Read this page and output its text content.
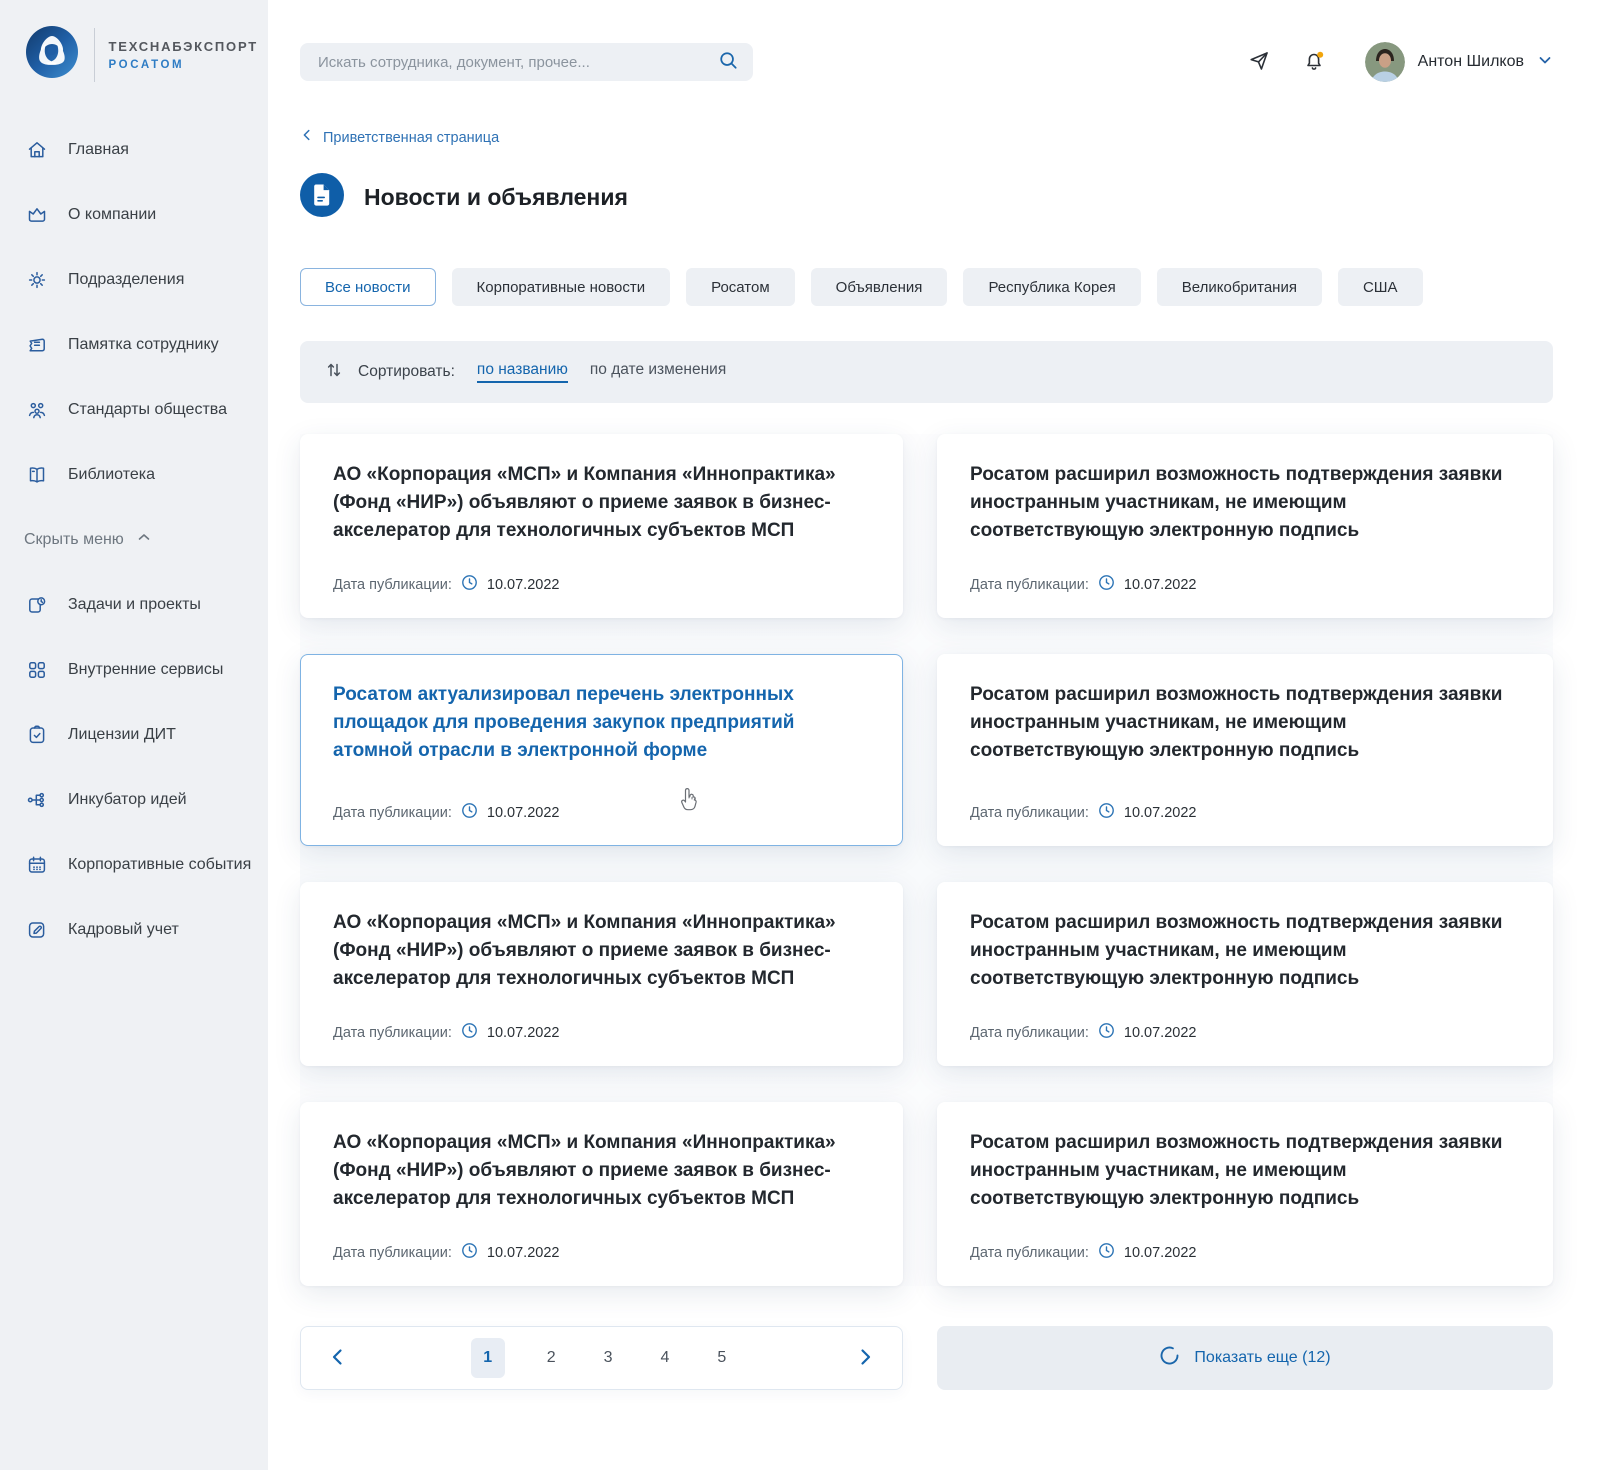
ТЕХСНАБЭКСПОРТ
РОСАТОМ
Главная
О компании
Подразделения
Памятка сотруднику
Стандарты общества
Библиотека
Скрыть меню
Задачи и проекты
Внутренние сервисы
Лицензии ДИТ
Инкубатор идей
Корпоративные события
Кадровый учет
Искать сотрудника, документ, прочее...
Антон Шилков
Приветственная страница
Новости и объявления
Все новости	Корпоративные новости	Росатом	Объявления	Республика Корея	Великобритания	США
Сортировать: по названию по дате изменения
АО «Корпорация «МСП» и Компания «Иннопрактика» (Фонд «НИР») объявляют о приеме заявок в бизнес-акселератор для технологичных субъектов МСП
Дата публикации: 10.07.2022
Росатом расширил возможность подтверждения заявки иностранным участникам, не имеющим соответствующую электронную подпись
Дата публикации: 10.07.2022
Росатом актуализировал перечень электронных площадок для проведения закупок предприятий атомной отрасли в электронной форме
Дата публикации: 10.07.2022
Росатом расширил возможность подтверждения заявки иностранным участникам, не имеющим соответствующую электронную подпись
Дата публикации: 10.07.2022
АО «Корпорация «МСП» и Компания «Иннопрактика» (Фонд «НИР») объявляют о приеме заявок в бизнес-акселератор для технологичных субъектов МСП
Дата публикации: 10.07.2022
Росатом расширил возможность подтверждения заявки иностранным участникам, не имеющим соответствующую электронную подпись
Дата публикации: 10.07.2022
АО «Корпорация «МСП» и Компания «Иннопрактика» (Фонд «НИР») объявляют о приеме заявок в бизнес-акселератор для технологичных субъектов МСП
Дата публикации: 10.07.2022
Росатом расширил возможность подтверждения заявки иностранным участникам, не имеющим соответствующую электронную подпись
Дата публикации: 10.07.2022
1	2	3	4	5	Показать еще (12)
